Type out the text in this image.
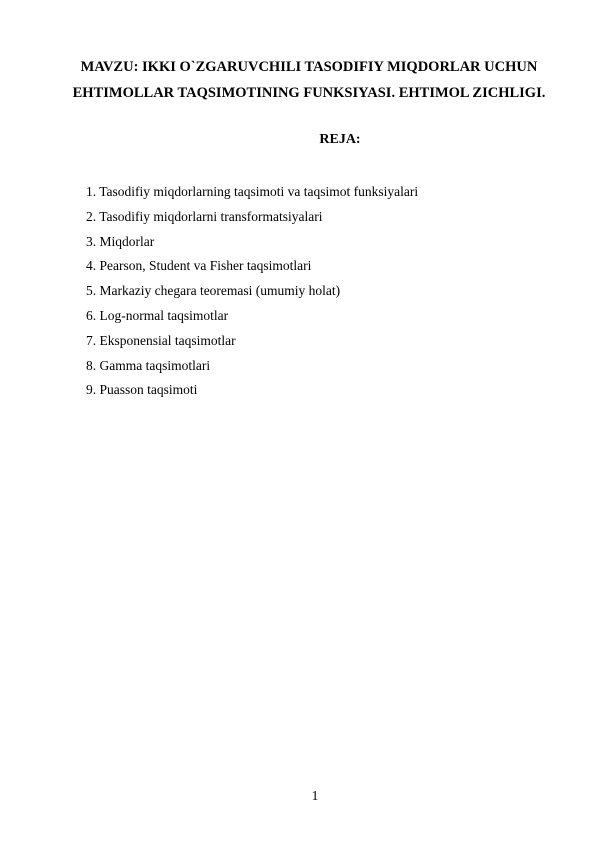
MAVZU: IKKI O`ZGARUVCHILI TASODIFIY MIQDORLAR UCHUN

EHTIMOLLAR TAQSIMOTINING FUNKSIYASI. EHTIMOL ZICHLIGI.

REJA:

1. Tasodifiy miqdorlarning taqsimoti va taqsimot funksiyalari
2. Tasodifiy miqdorlarni transformatsiyalari
3. Miqdorlar
4. Pearson, Student va Fisher taqsimotlari
5. Markaziy chegara teoremasi (umumiy holat)
6. Log-normal taqsimotlar
7. Eksponensial taqsimotlar
8. Gamma taqsimotlari
9. Puasson taqsimoti
1
